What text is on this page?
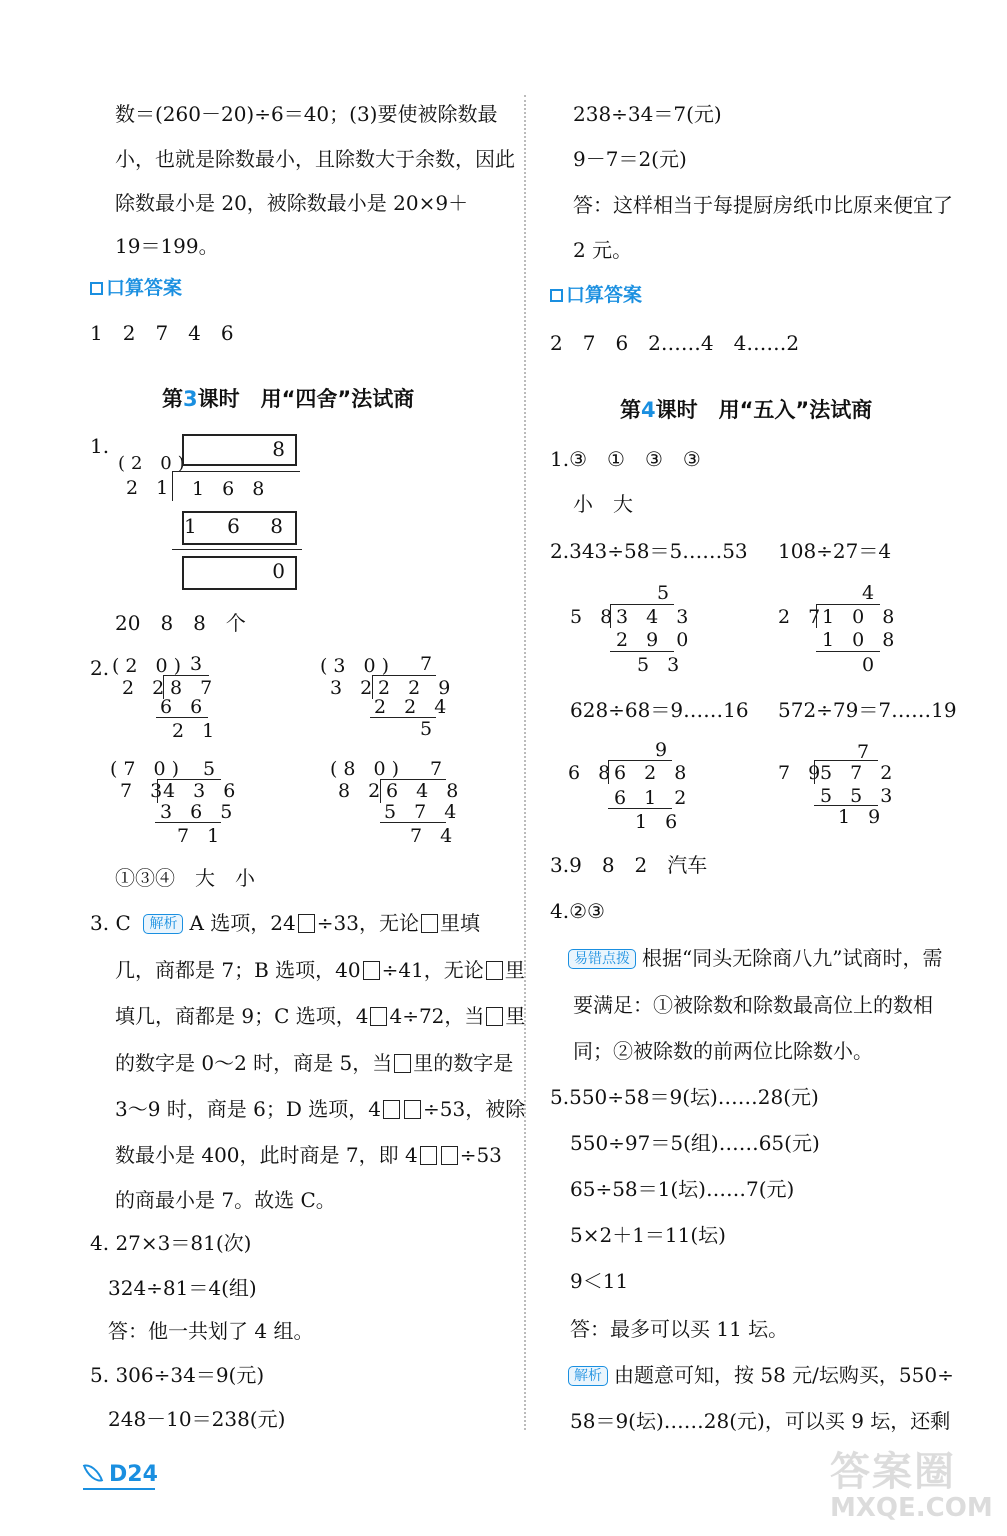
数＝(260－20)÷6＝40；(3)要使被除数最
小，也就是除数最小，且除数大于余数，因此
除数最小是 20，被除数最小是 20×9＋
19＝199。
口算答案
1　2　7　4　6
第3课时　用“四舍”法试商
1.
(2 0)
2 1
8
1 6 8
1 6 8
0
20　8　8　个
2. (2 0) 3
2 2 8 7
6 6
2 1
(3 0) 7
3 2 2 2 9
2 2 4
5
(7 0) 5
7 3
4 3 6
3 6 5
7 1
(8 0) 7
8 2 6 4 8
5 7 4
7 4
①③④　大　小
3. C 解析 A 选项，24 ÷33，无论 里填
几，商都是 7；B 选项，40 ÷41，无论 里
填几，商都是 9；C 选项，4 4÷72，当 里
的数字是 0～2 时，商是 5，当 里的数字是
3～9 时，商是 6；D 选项，4 ÷53，被除
数最小是 400，此时商是 7，即 4 ÷53
的商最小是 7。故选 C。
4. 27×3＝81(次)
324÷81＝4(组)
答：他一共划了 4 组。
5. 306÷34＝9(元)
248－10＝238(元)
238÷34＝7(元)
9－7＝2(元)
答：这样相当于每提厨房纸巾比原来便宜了
2 元。
口算答案
2　7　6　2……4　4……2
第4课时　用“五入”法试商
1.③　①　③　③
小　大
2.343÷58＝5……53 108÷27＝4
5
5 8
3 4 3
2 9 0
5 3
4
2 7
1 0 8
1 0 8
0
628÷68＝9……16 572÷79＝7……19
9
6 8
6 2 8
6 1 2
1 6
7
7 9
5 7 2
5 5 3
1 9
3.9　8　2　汽车
4.②③
易错点拨 根据“同头无除商八九”试商时，需
要满足：①被除数和除数最高位上的数相
同；②被除数的前两位比除数小。
5.550÷58＝9(坛)……28(元)
550÷97＝5(组)……65(元)
65÷58＝1(坛)……7(元)
5×2＋1＝11(坛)
9＜11
答：最多可以买 11 坛。
解析 由题意可知，按 58 元/坛购买，550÷
58＝9(坛)……28(元)，可以买 9 坛，还剩
D24	答案圈
MXQE.COM
